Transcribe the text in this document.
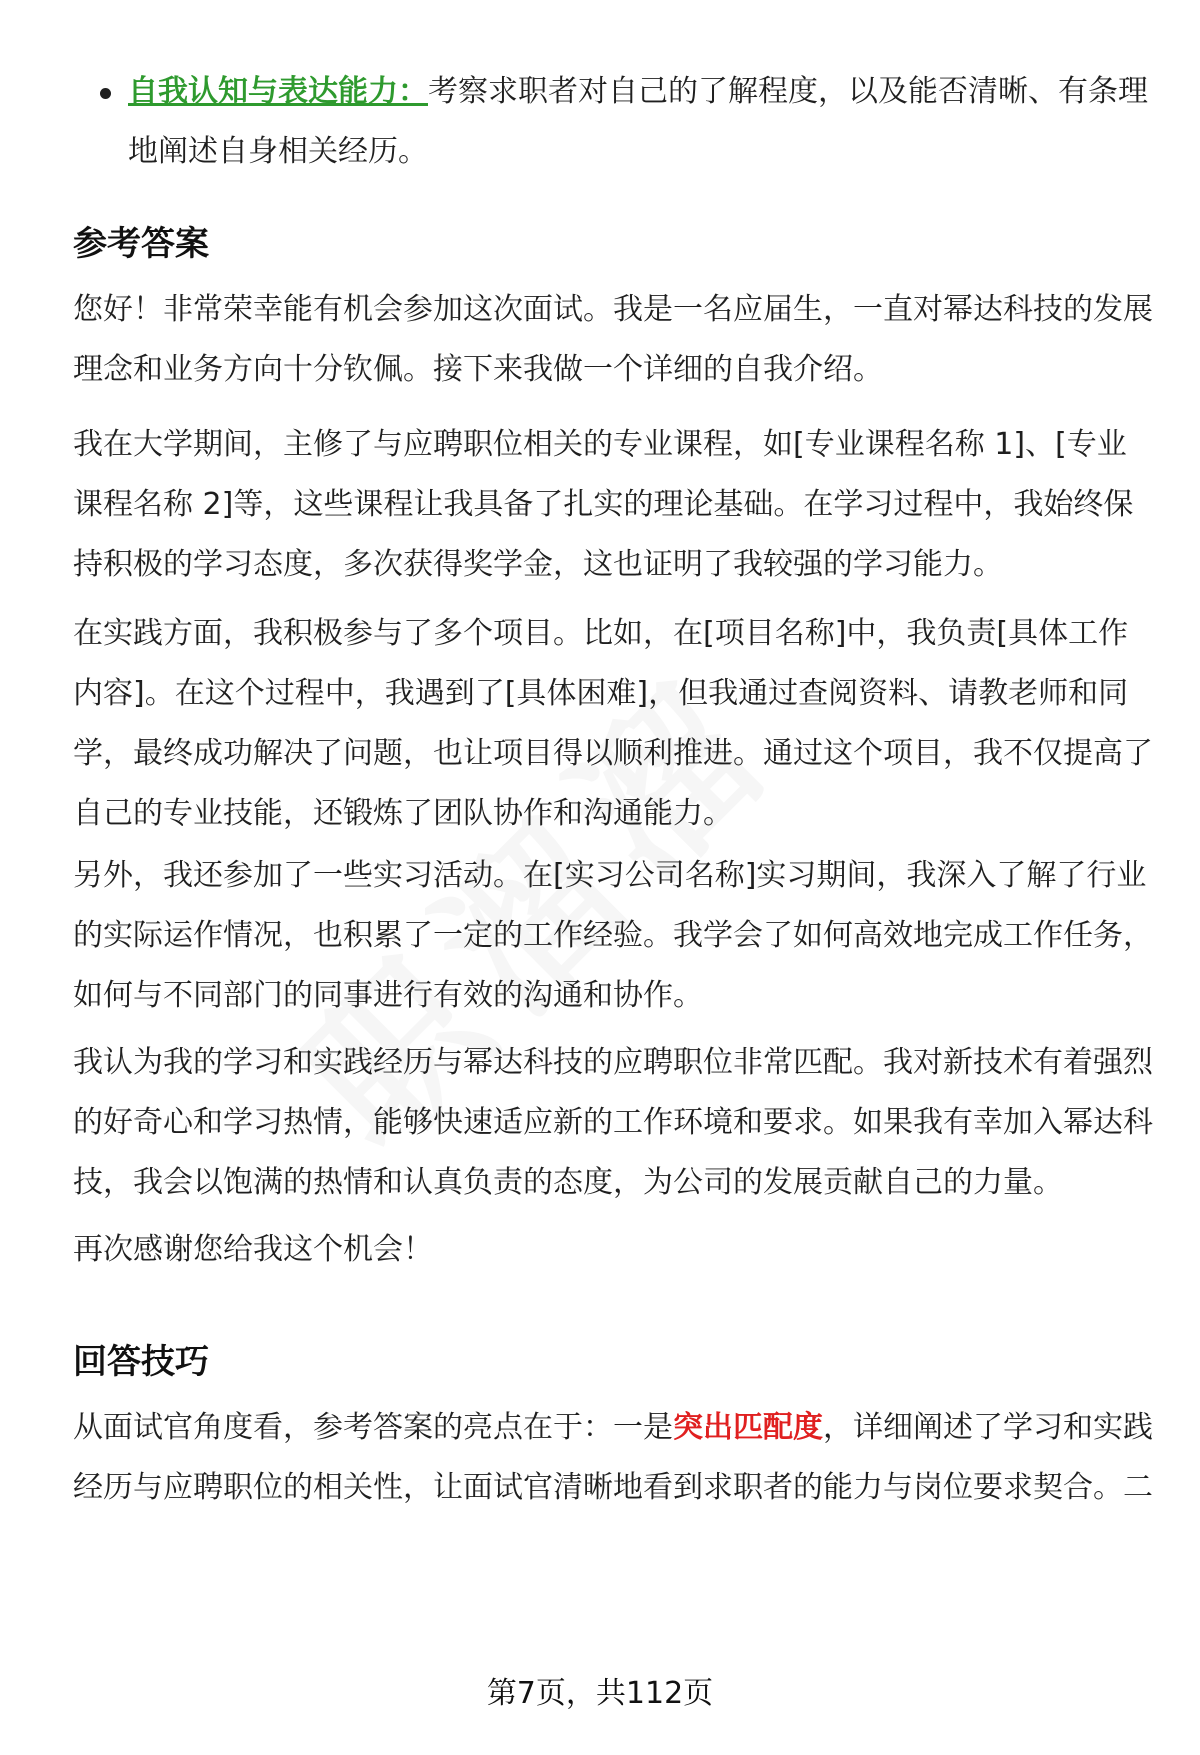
自我认知与表达能力：考察求职者对自己的了解程度，以及能否清晰、有条理地阐述自身相关经历。
参考答案

您好！非常荣幸能有机会参加这次面试。我是一名应届生，一直对幂达科技的发展理念和业务方向十分钦佩。接下来我做一个详细的自我介绍。

我在大学期间，主修了与应聘职位相关的专业课程，如[专业课程名称 1]、[专业课程名称 2]等，这些课程让我具备了扎实的理论基础。在学习过程中，我始终保持积极的学习态度，多次获得奖学金，这也证明了我较强的学习能力。

在实践方面，我积极参与了多个项目。比如，在[项目名称]中，我负责[具体工作内容]。在这个过程中，我遇到了[具体困难]，但我通过查阅资料、请教老师和同学，最终成功解决了问题，也让项目得以顺利推进。通过这个项目，我不仅提高了自己的专业技能，还锻炼了团队协作和沟通能力。

另外，我还参加了一些实习活动。在[实习公司名称]实习期间，我深入了解了行业的实际运作情况，也积累了一定的工作经验。我学会了如何高效地完成工作任务，如何与不同部门的同事进行有效的沟通和协作。

我认为我的学习和实践经历与幂达科技的应聘职位非常匹配。我对新技术有着强烈的好奇心和学习热情，能够快速适应新的工作环境和要求。如果我有幸加入幂达科技，我会以饱满的热情和认真负责的态度，为公司的发展贡献自己的力量。

再次感谢您给我这个机会！

回答技巧

从面试官角度看，参考答案的亮点在于：一是突出匹配度，详细阐述了学习和实践经历与应聘职位的相关性，让面试官清晰地看到求职者的能力与岗位要求契合。二

第7页，共112页
